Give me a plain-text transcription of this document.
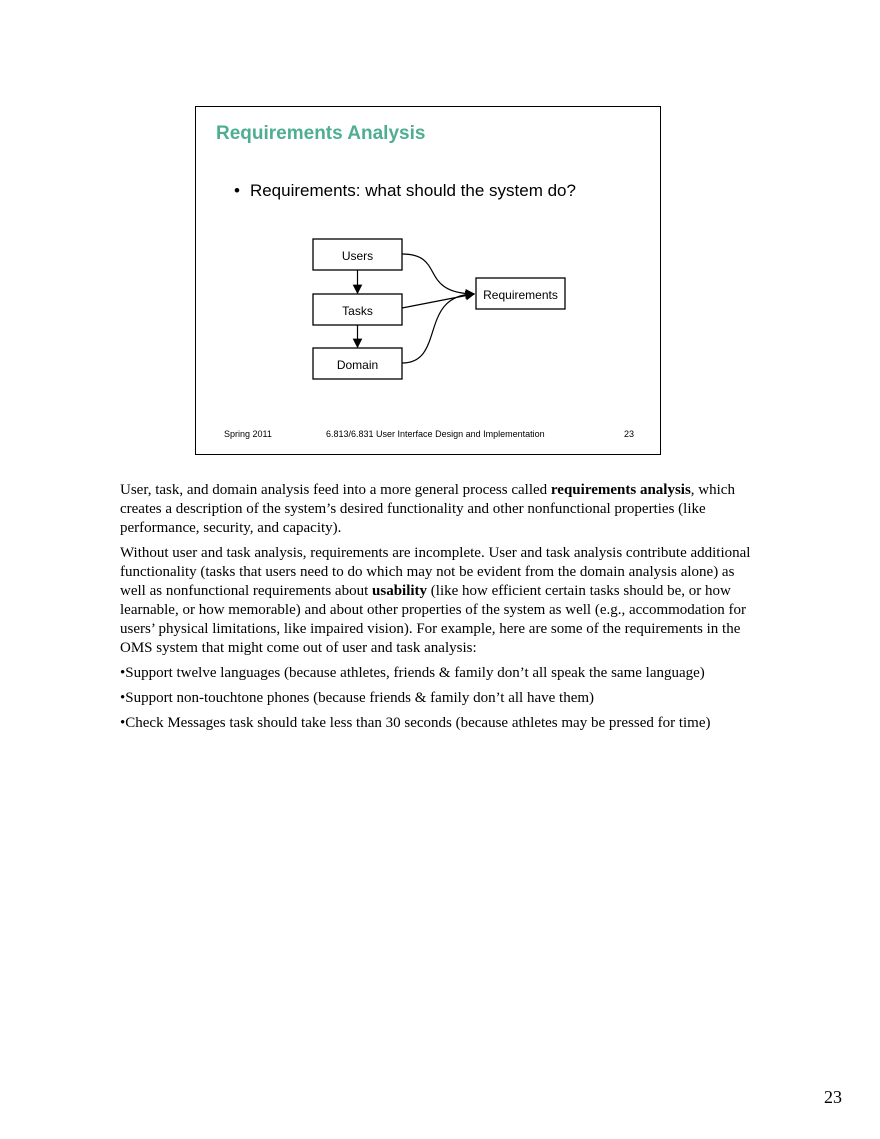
Requirements Analysis
• Requirements: what should the system do?
Users
Tasks
Domain
Requirements
Spring 2011	6.813/6.831 User Interface Design and Implementation	23

User, task, and domain analysis feed into a more general process called requirements analysis, which creates a description of the system’s desired functionality and other nonfunctional properties (like performance, security, and capacity).

Without user and task analysis, requirements are incomplete. User and task analysis contribute additional functionality (tasks that users need to do which may not be evident from the domain analysis alone) as well as nonfunctional requirements about usability (like how efficient certain tasks should be, or how learnable, or how memorable) and about other properties of the system as well (e.g., accommodation for users’ physical limitations, like impaired vision). For example, here are some of the requirements in the OMS system that might come out of user and task analysis:

•Support twelve languages (because athletes, friends & family don’t all speak the same language)

•Support non-touchtone phones (because friends & family don’t all have them)

•Check Messages task should take less than 30 seconds (because athletes may be pressed for time)

23
